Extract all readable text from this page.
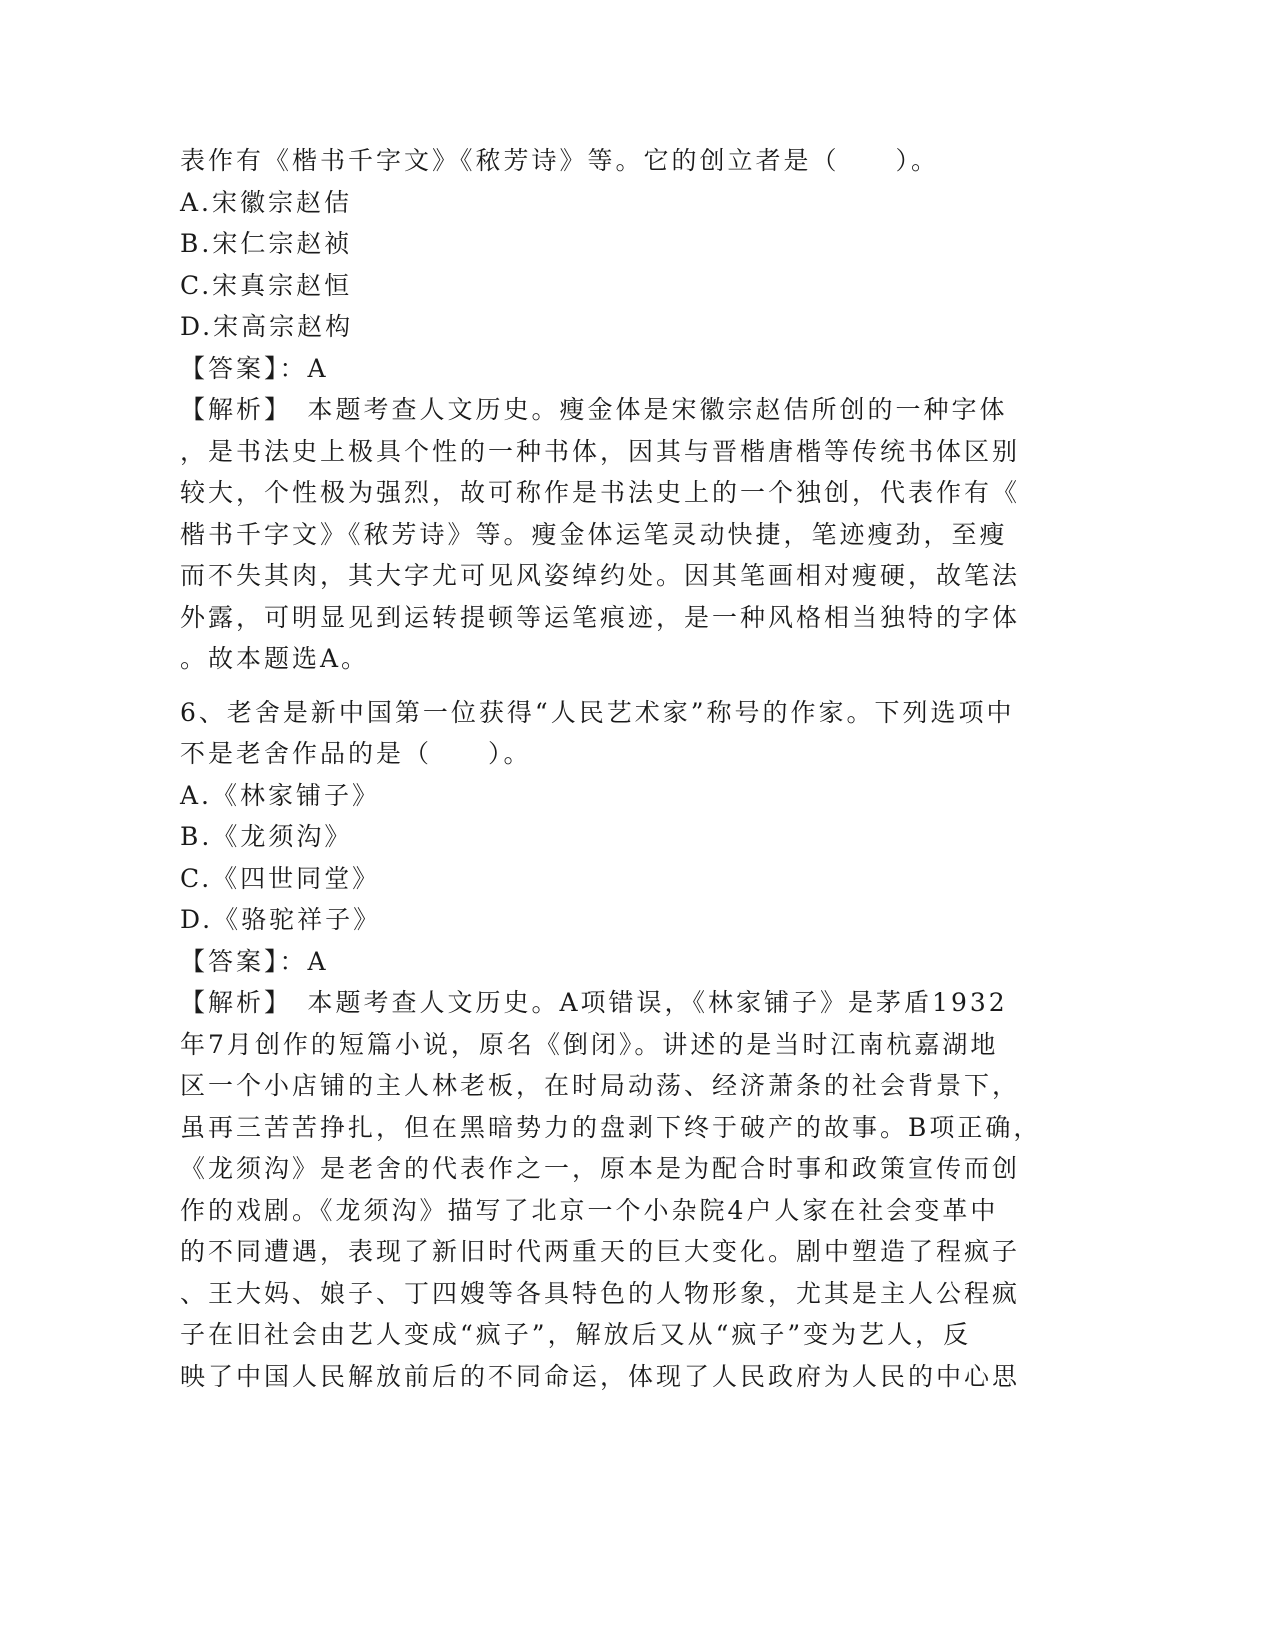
表作有《楷书千字文》《秾芳诗》等。它的创立者是（　　）。
A.宋徽宗赵佶
B.宋仁宗赵祯
C.宋真宗赵恒
D.宋高宗赵构
【答案】：A
【解析】　本题考查人文历史。瘦金体是宋徽宗赵佶所创的一种字体
，是书法史上极具个性的一种书体，因其与晋楷唐楷等传统书体区别
较大，个性极为强烈，故可称作是书法史上的一个独创，代表作有《
楷书千字文》《秾芳诗》等。瘦金体运笔灵动快捷，笔迹瘦劲，至瘦
而不失其肉，其大字尤可见风姿绰约处。因其笔画相对瘦硬，故笔法
外露，可明显见到运转提顿等运笔痕迹，是一种风格相当独特的字体
。故本题选A。
6、老舍是新中国第一位获得“人民艺术家”称号的作家。下列选项中
不是老舍作品的是（　　）。
A.《林家铺子》
B.《龙须沟》
C.《四世同堂》
D.《骆驼祥子》
【答案】：A
【解析】　本题考查人文历史。A项错误，《林家铺子》是茅盾1932
年7月创作的短篇小说，原名《倒闭》。讲述的是当时江南杭嘉湖地
区一个小店铺的主人林老板，在时局动荡、经济萧条的社会背景下，
虽再三苦苦挣扎，但在黑暗势力的盘剥下终于破产的故事。B项正确，
《龙须沟》是老舍的代表作之一，原本是为配合时事和政策宣传而创
作的戏剧。《龙须沟》描写了北京一个小杂院4户人家在社会变革中
的不同遭遇，表现了新旧时代两重天的巨大变化。剧中塑造了程疯子
、王大妈、娘子、丁四嫂等各具特色的人物形象，尤其是主人公程疯
子在旧社会由艺人变成“疯子”，解放后又从“疯子”变为艺人，反
映了中国人民解放前后的不同命运，体现了人民政府为人民的中心思
